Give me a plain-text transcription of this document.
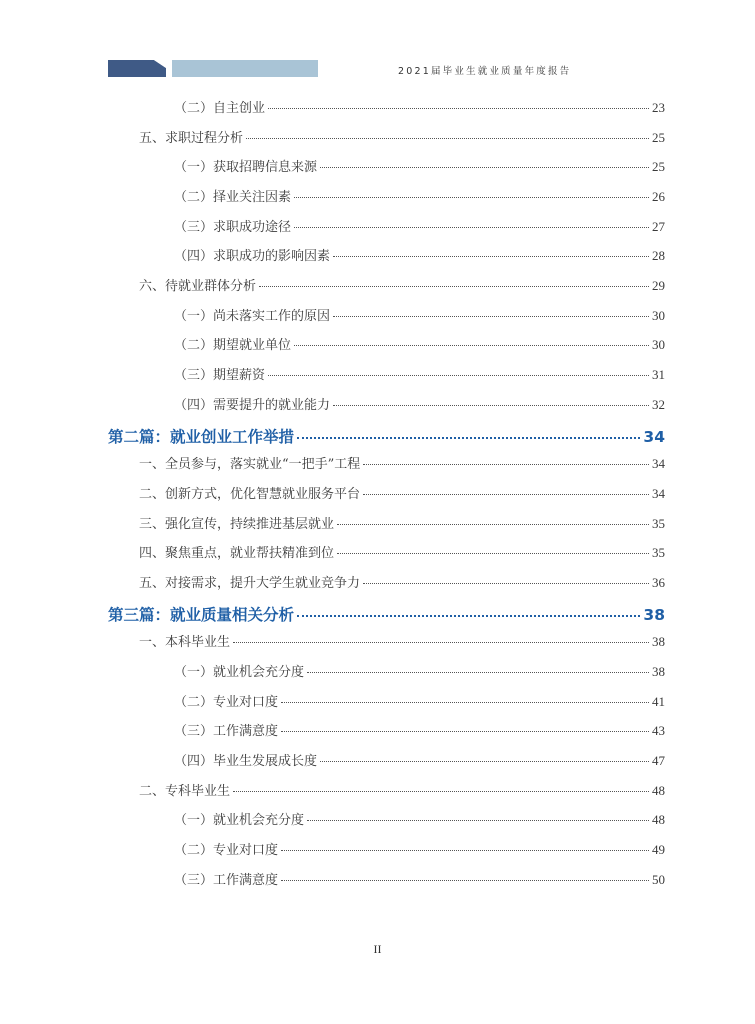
2021届毕业生就业质量年度报告
（二）自主创业	23
五、求职过程分析	25
（一）获取招聘信息来源	25
（二）择业关注因素	26
（三）求职成功途径	27
（四）求职成功的影响因素	28
六、待就业群体分析	29
（一）尚未落实工作的原因	30
（二）期望就业单位	30
（三）期望薪资	31
（四）需要提升的就业能力	32
第二篇：就业创业工作举措	34
一、全员参与，落实就业“一把手”工程	34
二、创新方式，优化智慧就业服务平台	34
三、强化宣传，持续推进基层就业	35
四、聚焦重点，就业帮扶精准到位	35
五、对接需求，提升大学生就业竞争力	36
第三篇：就业质量相关分析	38
一、本科毕业生	38
（一）就业机会充分度	38
（二）专业对口度	41
（三）工作满意度	43
（四）毕业生发展成长度	47
二、专科毕业生	48
（一）就业机会充分度	48
（二）专业对口度	49
（三）工作满意度	50
II
